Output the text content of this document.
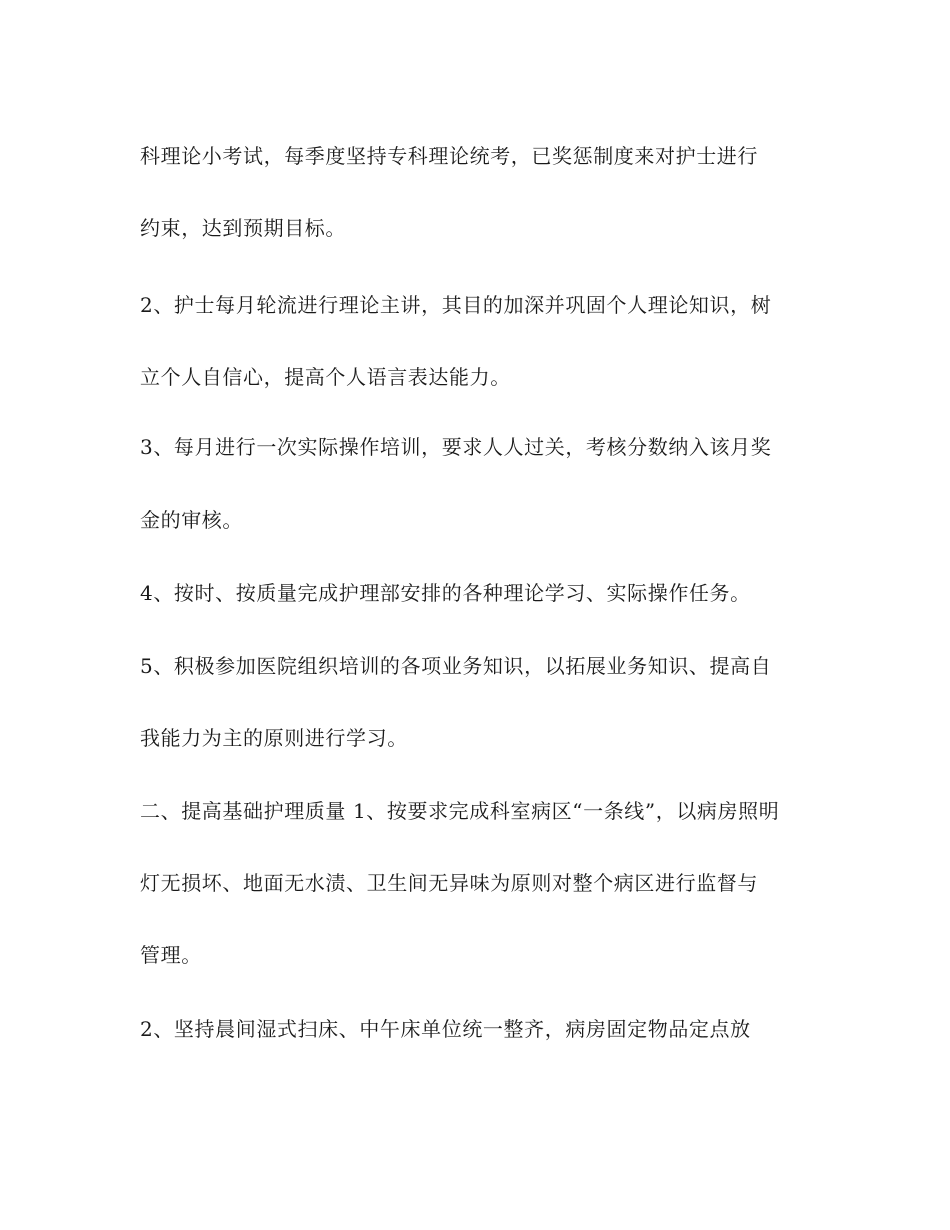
科理论小考试，每季度坚持专科理论统考，已奖惩制度来对护士进行
约束，达到预期目标。
2、护士每月轮流进行理论主讲，其目的加深并巩固个人理论知识，树
立个人自信心，提高个人语言表达能力。
3、每月进行一次实际操作培训，要求人人过关，考核分数纳入该月奖
金的审核。
4、按时、按质量完成护理部安排的各种理论学习、实际操作任务。
5、积极参加医院组织培训的各项业务知识，以拓展业务知识、提高自
我能力为主的原则进行学习。
二、提高基础护理质量 1、按要求完成科室病区“一条线”，以病房照明
灯无损坏、地面无水渍、卫生间无异味为原则对整个病区进行监督与
管理。
2、坚持晨间湿式扫床、中午床单位统一整齐，病房固定物品定点放
